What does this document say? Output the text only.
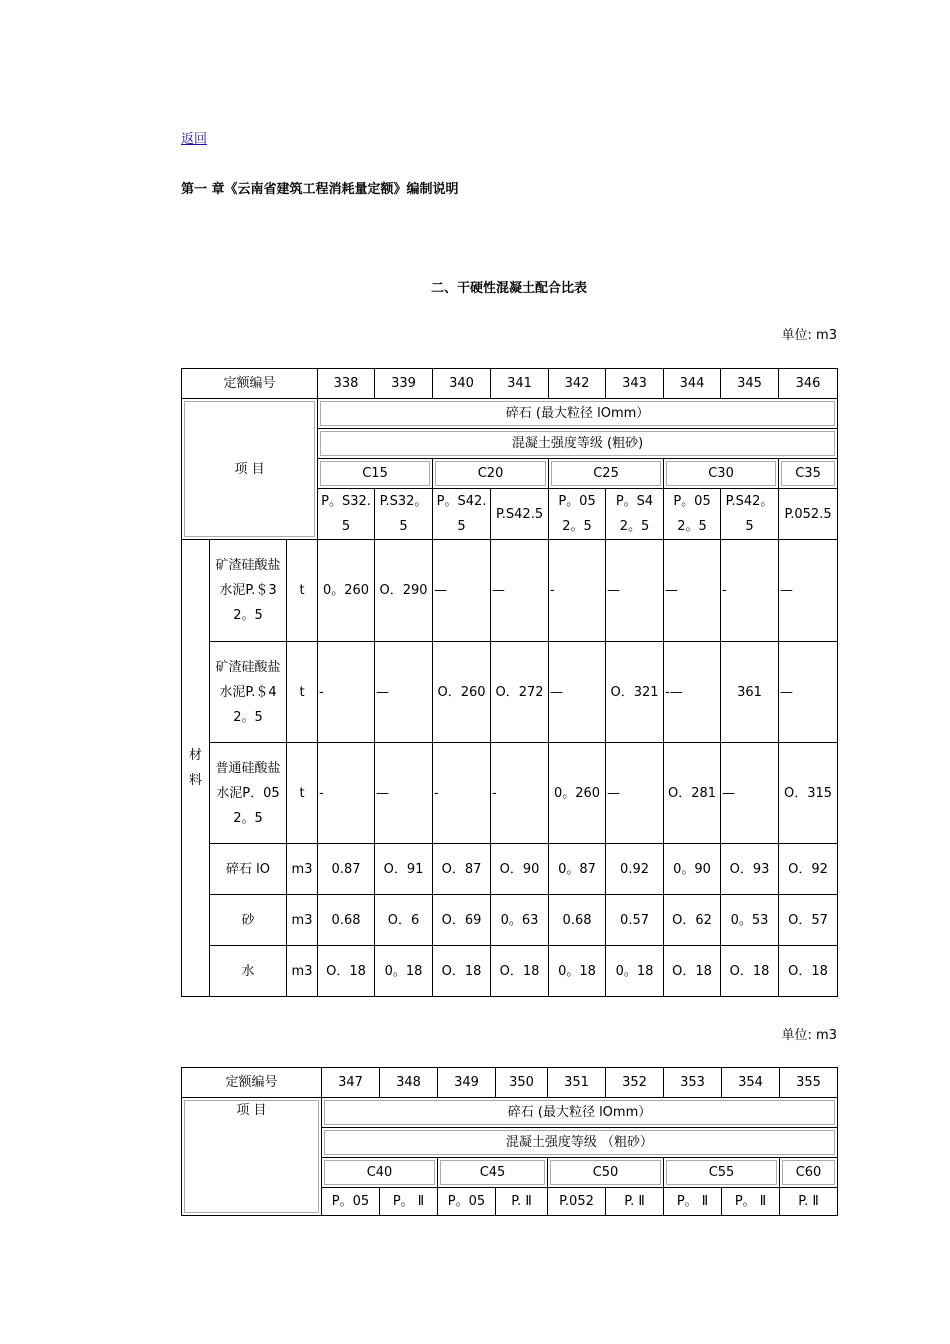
返回
第一 章《云南省建筑工程消耗量定额》编制说明
二、干硬性混凝土配合比表
单位: m3
定额编号			338	339	340	341	342	343	344	345	346
项 目			碎石 (最大粒径 lOmm）								
			混凝土强度等级 (粗砂)								
			C15		C20		C25		C30		C35
			P。S32.5	P.S32。5	P。S42.5	P.S42.5	P。052。5	P。S42。5	P。052。5	P.S42。5	P.052.5
材料	矿渣硅酸盐水泥P.＄32。5	t	0。260	O．290	—	—	-	—	—	-	—
	矿渣硅酸盐水泥P.＄42。5	t	-	—	O．260	O．272	—	O．321	-—	361	—
	普通硅酸盐水泥P．052。5	t	-	—	-	-	0。260	—	O．281	—	O．315
	碎石 lO	m3	0.87	O．91	O．87	O．90	0。87	0.92	0。90	O．93	O．92
	砂	m3	0.68	O．6	O．69	0。63	0.68	0.57	O．62	0。53	O．57
	水	m3	O．18	0。18	O．18	O．18	0。18	0。18	O．18	O．18	O．18
单位: m3
定额编号	347	348	349	350	351	352	353	354	355
项 目	碎石 (最大粒径 lOmm）								
	混凝土强度等级 （粗砂）								
	C40		C45		C50		C55		C60
	P。05	P。 Ⅱ	P。05	P. Ⅱ	P.052	P. Ⅱ	P。 Ⅱ	P。 Ⅱ	P. Ⅱ
